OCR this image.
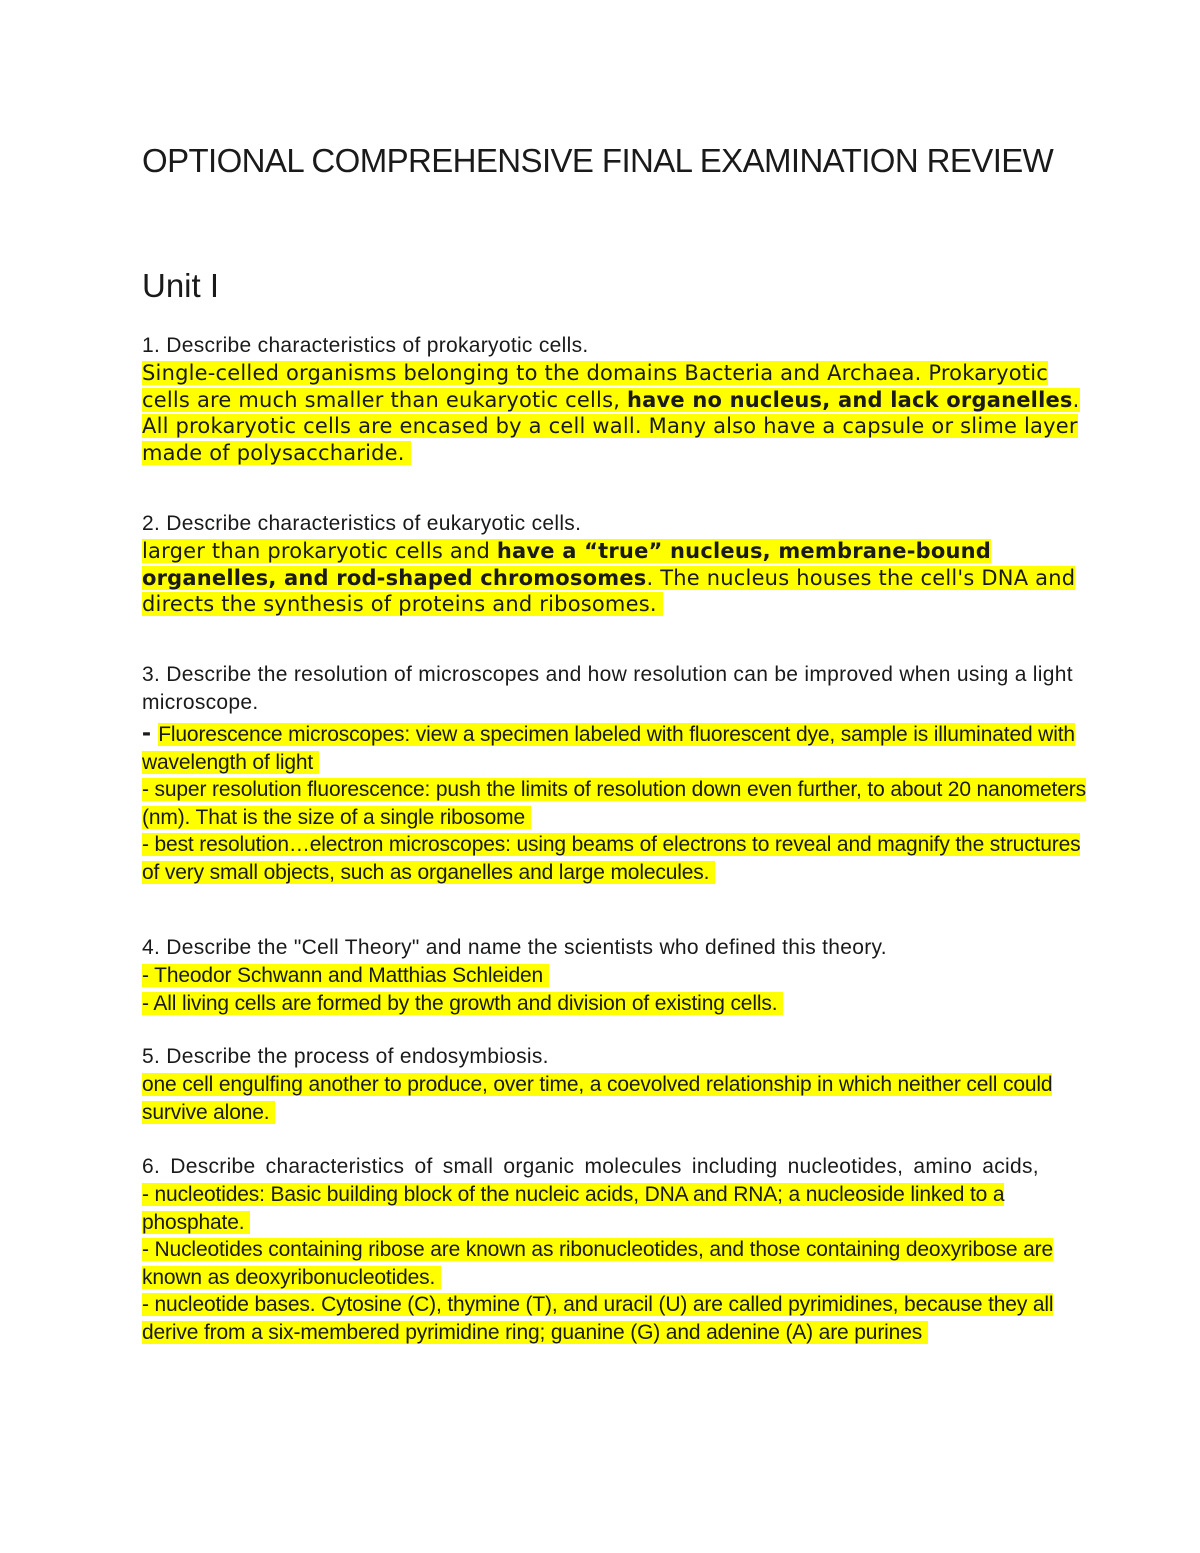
OPTIONAL COMPREHENSIVE FINAL EXAMINATION REVIEW
Unit I

1. Describe characteristics of prokaryotic cells.

Single-celled organisms belonging to the domains Bacteria and Archaea. Prokaryotic cells are much smaller than eukaryotic cells, have no nucleus, and lack organelles. All prokaryotic cells are encased by a cell wall. Many also have a capsule or slime layer made of polysaccharide.

2. Describe characteristics of eukaryotic cells.

larger than prokaryotic cells and have a “true” nucleus, membrane-bound organelles, and rod-shaped chromosomes. The nucleus houses the cell's DNA and directs the synthesis of proteins and ribosomes.

3. Describe the resolution of microscopes and how resolution can be improved when using a light microscope.

- Fluorescence microscopes: view a specimen labeled with fluorescent dye, sample is illuminated with wavelength of light

- super resolution fluorescence: push the limits of resolution down even further, to about 20 nanometers (nm). That is the size of a single ribosome

- best resolution…electron microscopes: using beams of electrons to reveal and magnify the structures of very small objects, such as organelles and large molecules.

4. Describe the "Cell Theory" and name the scientists who defined this theory.

- Theodor Schwann and Matthias Schleiden

- All living cells are formed by the growth and division of existing cells.

5. Describe the process of endosymbiosis.

one cell engulfing another to produce, over time, a coevolved relationship in which neither cell could survive alone.

6. Describe characteristics of small organic molecules including nucleotides, amino acids,

- nucleotides: Basic building block of the nucleic acids, DNA and RNA; a nucleoside linked to a phosphate.

- Nucleotides containing ribose are known as ribonucleotides, and those containing deoxyribose are known as deoxyribonucleotides.

- nucleotide bases. Cytosine (C), thymine (T), and uracil (U) are called pyrimidines, because they all derive from a six-membered pyrimidine ring; guanine (G) and adenine (A) are purines
